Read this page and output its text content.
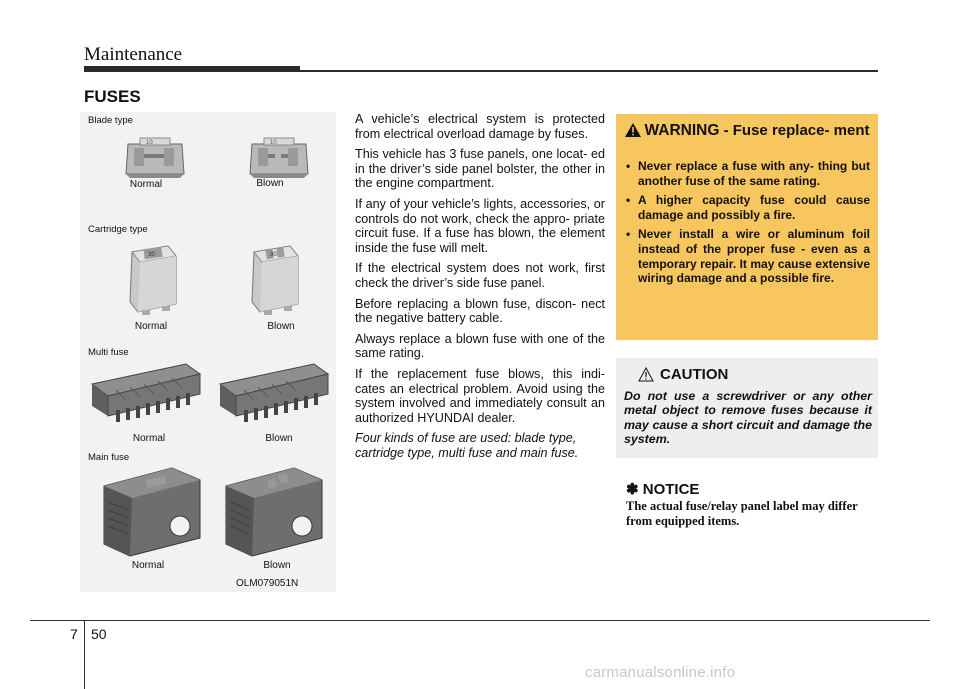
Maintenance
FUSES
Blade type
10	10
Normal	Blown
Cartridge type
30	30
Normal	Blown
Multi fuse
Normal	Blown
Main fuse
Normal	Blown
OLM079051N

A vehicle’s electrical system is protected from electrical overload damage by fuses.

This vehicle has 3 fuse panels, one locat- ed in the driver’s side panel bolster, the other in the engine compartment.

If any of your vehicle’s lights, accessories, or controls do not work, check the appro- priate circuit fuse. If a fuse has blown, the element inside the fuse will melt.

If the electrical system does not work, first check the driver’s side fuse panel.

Before replacing a blown fuse, discon- nect the negative battery cable.

Always replace a blown fuse with one of the same rating.

If the replacement fuse blows, this indi- cates an electrical problem. Avoid using the system involved and immediately consult an authorized HYUNDAI dealer.

Four kinds of fuse are used: blade type, cartridge type, multi fuse and main fuse.

WARNING - Fuse replace- ment
• Never replace a fuse with any- thing but another fuse of the same rating.
• A higher capacity fuse could cause damage and possibly a fire.
• Never install a wire or aluminum foil instead of the proper fuse - even as a temporary repair. It may cause extensive wiring damage and a possible fire.
CAUTION
Do not use a screwdriver or any other metal object to remove fuses because it may cause a short circuit and damage the system.
✽ NOTICE
The actual fuse/relay panel label may differ from equipped items.
7 50
carmanualsonline.info
